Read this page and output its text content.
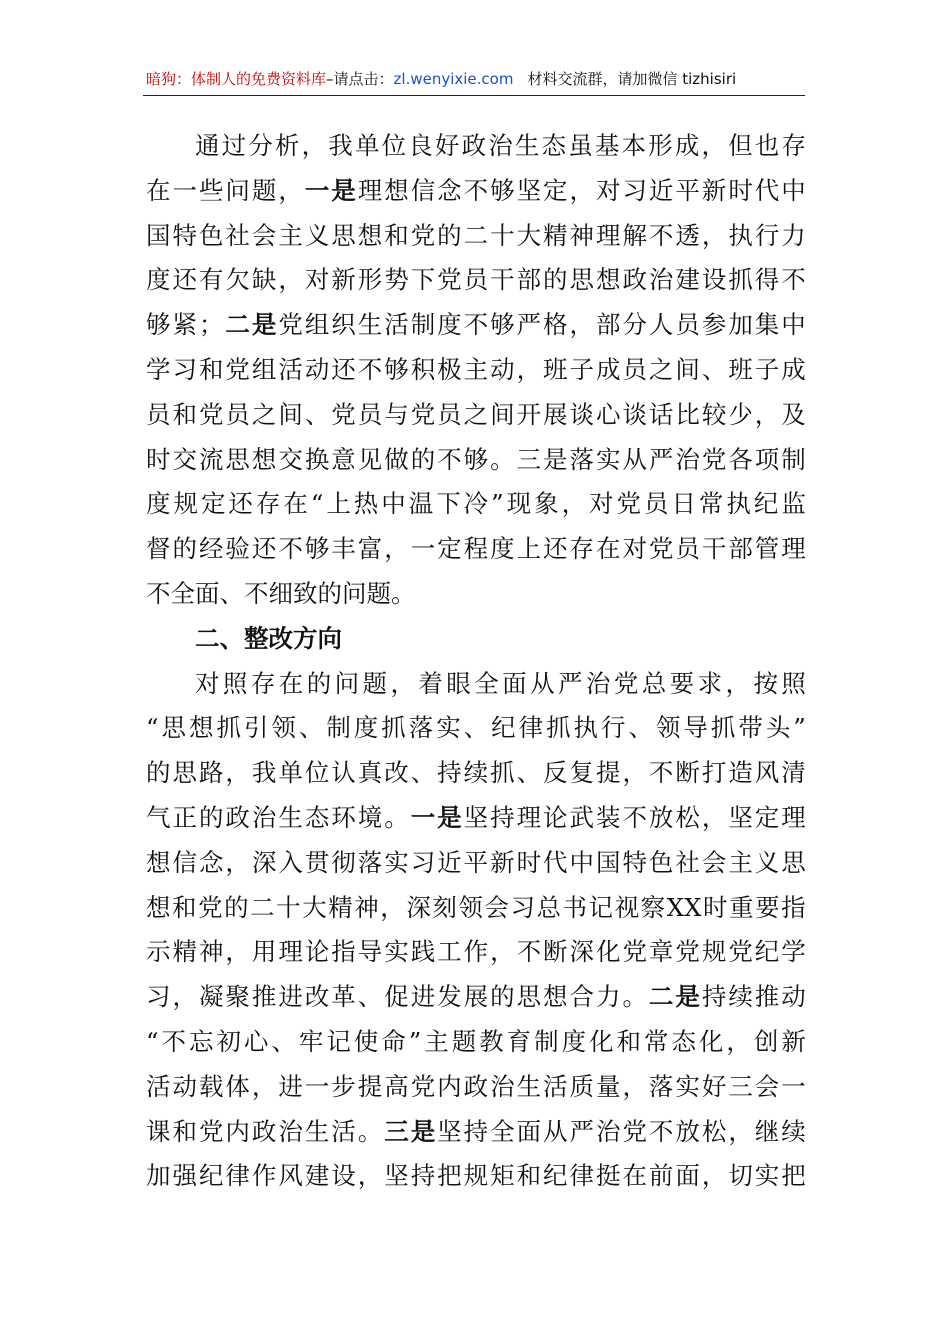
暗狗：体制人的免费资料库–请点击：zl.wenyixie.com 材料交流群，请加微信 tizhisiri
通 过 分 析 ， 我 单 位 良 好 政 治 生 态 虽 基 本 形 成 ， 但 也 存
在 一 些 问 题 ， 一 是 理 想 信 念 不 够 坚 定 ， 对 习 近 平 新 时 代 中
国 特 色 社 会 主 义 思 想 和 党 的 二 十 大 精 神 理 解 不 透 ， 执 行 力
度 还 有 欠 缺 ， 对 新 形 势 下 党 员 干 部 的 思 想 政 治 建 设 抓 得 不
够 紧 ； 二 是 党 组 织 生 活 制 度 不 够 严 格 ， 部 分 人 员 参 加 集 中
学 习 和 党 组 活 动 还 不 够 积 极 主 动 ， 班 子 成 员 之 间 、 班 子 成
员 和 党 员 之 间 、 党 员 与 党 员 之 间 开 展 谈 心 谈 话 比 较 少 ， 及
时 交 流 思 想 交 换 意 见 做 的 不 够 。 三 是 落 实 从 严 治 党 各 项 制
度 规 定 还 存 在 “ 上 热 中 温 下 冷 ” 现 象 ， 对 党 员 日 常 执 纪 监
督 的 经 验 还 不 够 丰 富 ， 一 定 程 度 上 还 存 在 对 党 员 干 部 管 理
不 全 面 、 不 细 致 的 问 题 。
二、整改方向
对 照 存 在 的 问 题 ， 着 眼 全 面 从 严 治 党 总 要 求 ， 按 照
“ 思 想 抓 引 领 、 制 度 抓 落 实 、 纪 律 抓 执 行 、 领 导 抓 带 头 ”
的 思 路 ， 我 单 位 认 真 改 、 持 续 抓 、 反 复 提 ， 不 断 打 造 风 清
气 正 的 政 治 生 态 环 境 。 一 是 坚 持 理 论 武 装 不 放 松 ， 坚 定 理
想 信 念 ， 深 入 贯 彻 落 实 习 近 平 新 时 代 中 国 特 色 社 会 主 义 思
想 和 党 的 二 十 大 精 神 ， 深 刻 领 会 习 总 书 记 视 察 XX 时 重 要 指
示 精 神 ， 用 理 论 指 导 实 践 工 作 ， 不 断 深 化 党 章 党 规 党 纪 学
习 ， 凝 聚 推 进 改 革 、 促 进 发 展 的 思 想 合 力 。 二 是 持 续 推 动
“ 不 忘 初 心 、 牢 记 使 命 ” 主 题 教 育 制 度 化 和 常 态 化 ， 创 新
活 动 载 体 ， 进 一 步 提 高 党 内 政 治 生 活 质 量 ， 落 实 好 三 会 一
课 和 党 内 政 治 生 活 。 三 是 坚 持 全 面 从 严 治 党 不 放 松 ， 继 续
加 强 纪 律 作 风 建 设 ， 坚 持 把 规 矩 和 纪 律 挺 在 前 面 ， 切 实 把
